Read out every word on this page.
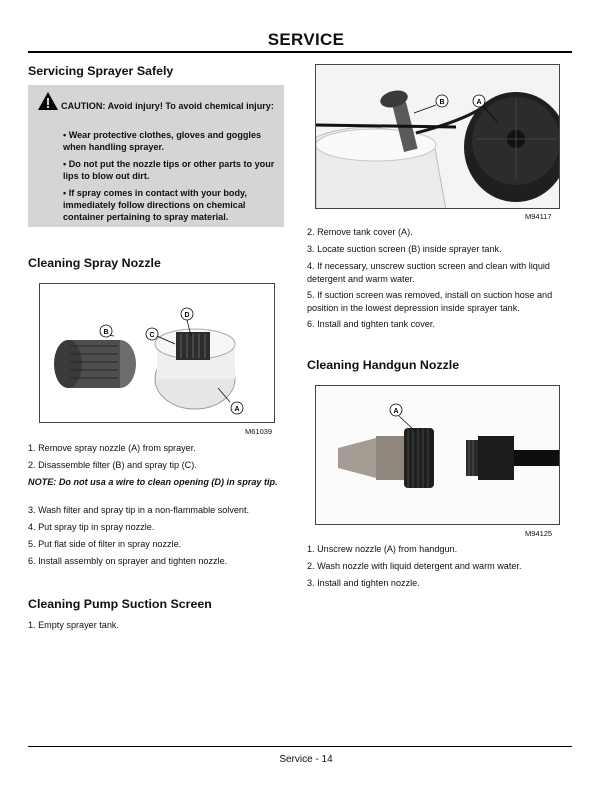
SERVICE
Servicing Sprayer Safely
CAUTION: Avoid injury! To avoid chemical injury:
• Wear protective clothes, gloves and goggles when handling sprayer.
• Do not put the nozzle tips or other parts to your lips to blow out dirt.
• If spray comes in contact with your body, immediately follow directions on chemical container pertaining to spray material.
Cleaning Spray Nozzle
B	C
D
A
M61039
1. Remove spray nozzle (A) from sprayer.
2. Disassemble filter (B) and spray tip (C).
NOTE: Do not usa a wire to clean opening (D) in spray tip.
3. Wash filter and spray tip in a non-flammable solvent.
4. Put spray tip in spray nozzle.
5. Put flat side of filter in spray nozzle.
6. Install assembly on sprayer and tighten nozzle.
Cleaning Pump Suction Screen
1. Empty sprayer tank.
B	A
M94117
2. Remove tank cover (A).
3. Locate suction screen (B) inside sprayer tank.
4. If necessary, unscrew suction screen and clean with liquid detergent and warm water.
5. If suction screen was removed, install on suction hose and position in the lowest depression inside sprayer tank.
6. Install and tighten tank cover.
Cleaning Handgun Nozzle
A
M94125
1. Unscrew nozzle (A) from handgun.
2. Wash nozzle with liquid detergent and warm water.
3. Install and tighten nozzle.
Service - 14
